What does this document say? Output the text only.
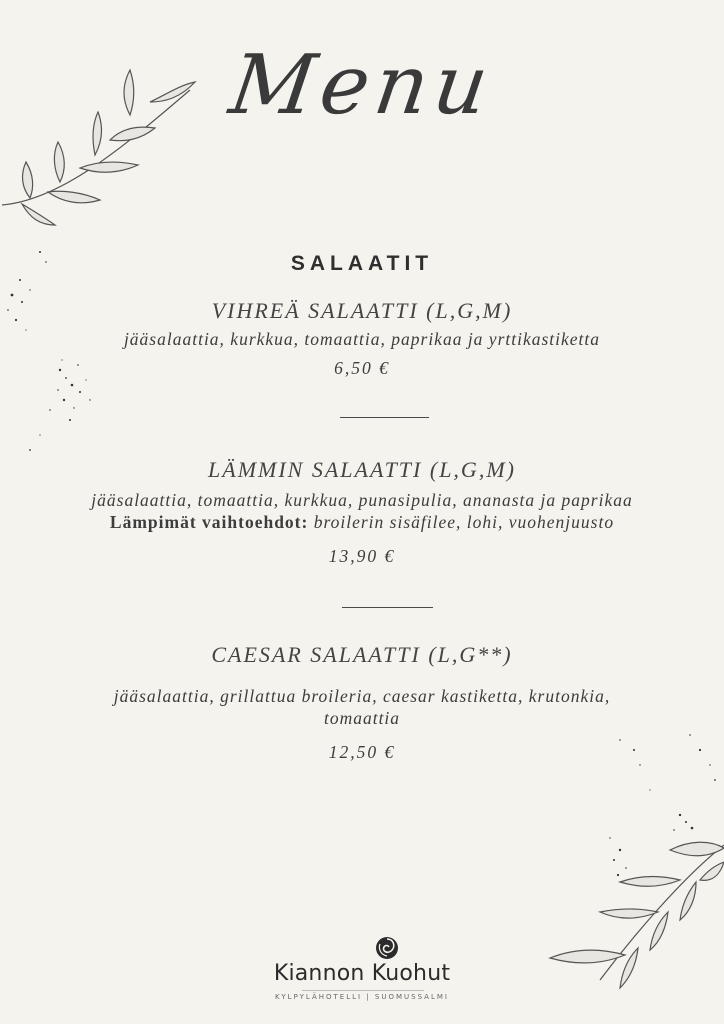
Menu
SALAATIT
VIHREÄ SALAATTI (L,G,M)
jääsalaattia, kurkkua, tomaattia, paprikaa ja yrttikastiketta
6,50 €
LÄMMIN SALAATTI (L,G,M)
jääsalaattia, tomaattia, kurkkua, punasipulia, ananasta ja paprikaa
Lämpimät vaihtoehdot: broilerin sisäfilee, lohi, vuohenjuusto
13,90 €
CAESAR SALAATTI (L,G**)
jääsalaattia, grillattua broileria, caesar kastiketta, krutonkia,
tomaattia
12,50 €
Kiannon Kuohut
KYLPYLÄHOTELLI | SUOMUSSALMI
